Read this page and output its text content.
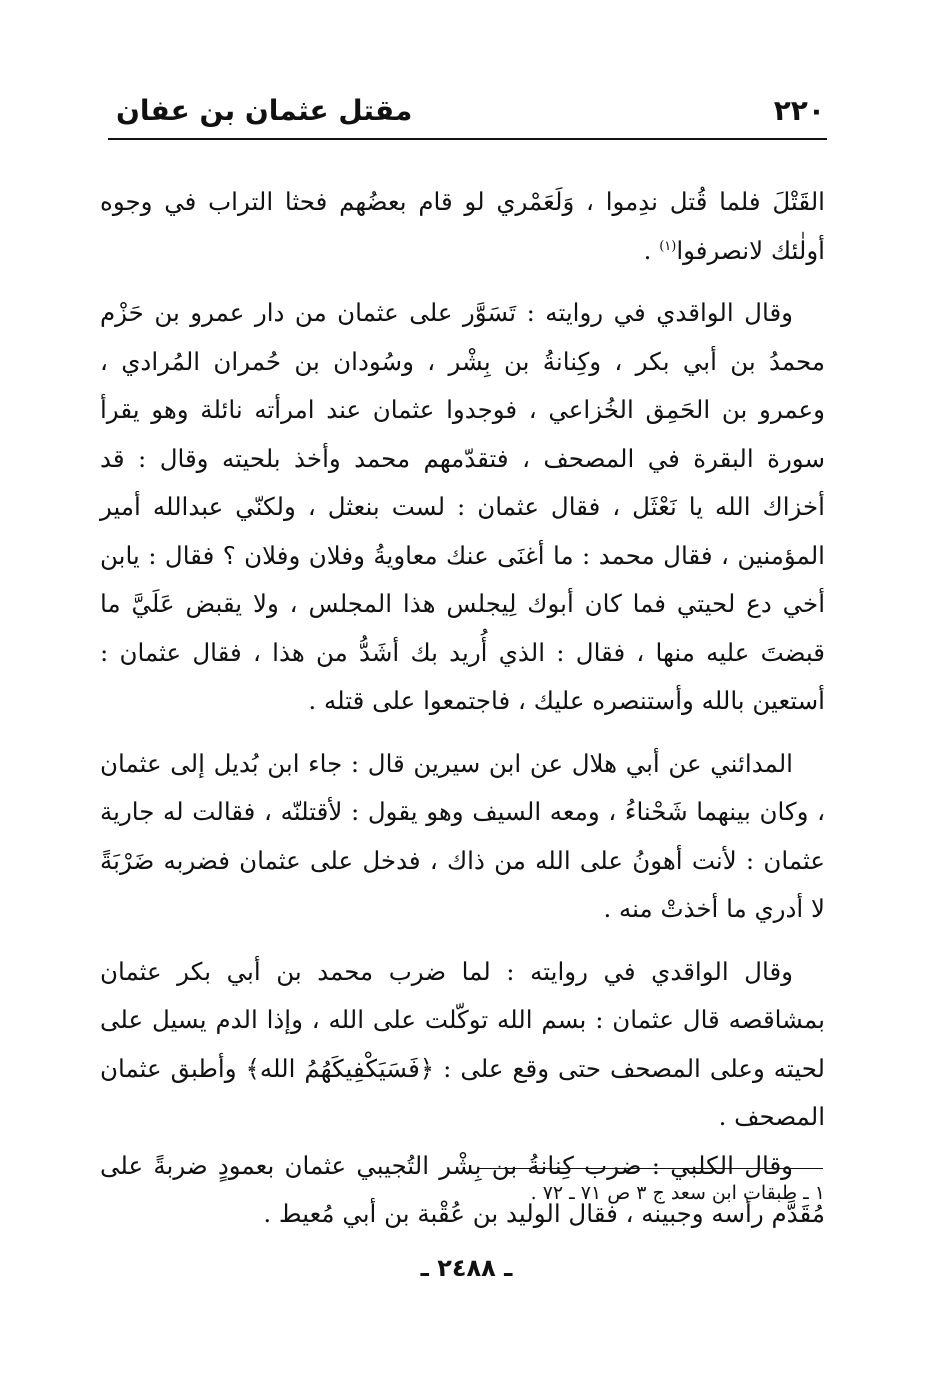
٢٢٠
مقتل عثمان بن عفان

القَتْلَ فلما قُتل ندِموا ، وَلَعَمْري لو قام بعضُهم فحثا التراب في وجوه أولٰئك لانصرفوا$^{(١)}$ .

وقال الواقدي في روايته : تَسَوَّر على عثمان من دار عمرو بن حَزْم محمدُ بن أبي بكر ، وكِنانةُ بن بِشْر ، وسُودان بن حُمران المُرادي ، وعمرو بن الحَمِق الخُزاعي ، فوجدوا عثمان عند امرأته نائلة وهو يقرأ سورة البقرة في المصحف ، فتقدّمهم محمد وأخذ بلحيته وقال : قد أخزاك الله يا نَعْثَل ، فقال عثمان : لست بنعثل ، ولكنّي عبدالله أمير المؤمنين ، فقال محمد : ما أغنَى عنك معاويةُ وفلان وفلان ؟ فقال : يابن أخي دع لحيتي فما كان أبوك لِيجلس هذا المجلس ، ولا يقبض عَلَيَّ ما قبضتَ عليه منها ، فقال : الذي أُريد بك أشَدُّ من هذا ، فقال عثمان : أستعين بالله وأستنصره عليك ، فاجتمعوا على قتله .

المدائني عن أبي هلال عن ابن سيرين قال : جاء ابن بُديل إلى عثمان ، وكان بينهما شَحْناءُ ، ومعه السيف وهو يقول : لأقتلنّه ، فقالت له جارية عثمان : لأنت أهونُ على الله من ذاك ، فدخل على عثمان فضربه ضَرْبَةً لا أدري ما أخذتْ منه .

وقال الواقدي في روايته : لما ضرب محمد بن أبي بكر عثمان بمشاقصه قال عثمان : بسم الله توكّلت على الله ، وإذا الدم يسيل على لحيته وعلى المصحف حتى وقع على : ﴿فَسَيَكْفِيكَهُمُ الله﴾ وأطبق عثمان المصحف .

وقال الكلبي : ضرب كِنانةُ بن بِشْر التُجيبي عثمان بعمودٍ ضربةً على مُقَدَّم رأسه وجبينه ، فقال الوليد بن عُقْبة بن أبي مُعيط .

١ ـ طبقات ابن سعد ج ٣ ص ٧١ ـ ٧٢ .
ـ ٢٤٨٨ ـ
